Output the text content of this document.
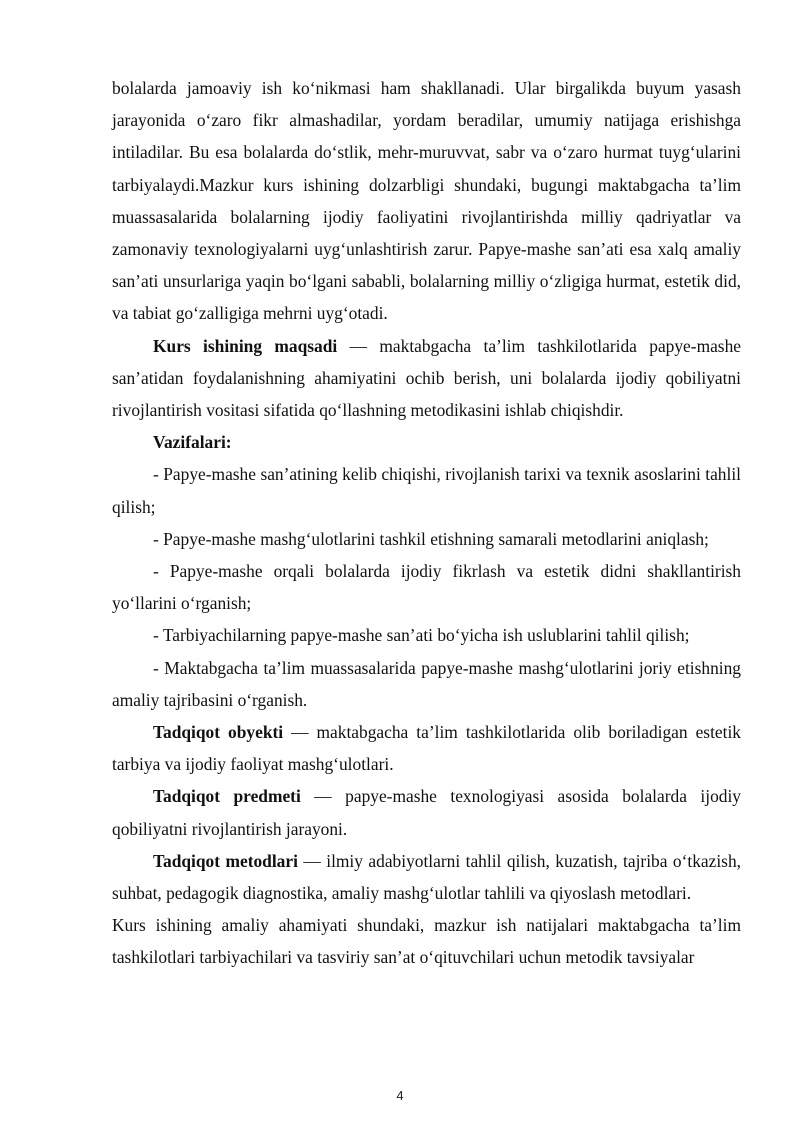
bolalarda jamoaviy ish ko‘nikmasi ham shakllanadi. Ular birgalikda buyum yasash jarayonida o‘zaro fikr almashadilar, yordam beradilar, umumiy natijaga erishishga intiladilar. Bu esa bolalarda do‘stlik, mehr-muruvvat, sabr va o‘zaro hurmat tuyg‘ularini tarbiyalaydi.Mazkur kurs ishining dolzarbligi shundaki, bugungi maktabgacha ta’lim muassasalarida bolalarning ijodiy faoliyatini rivojlantirishda milliy qadriyatlar va zamonaviy texnologiyalarni uyg‘unlashtirish zarur. Papye-mashe san’ati esa xalq amaliy san’ati unsurlariga yaqin bo‘lgani sababli, bolalarning milliy o‘zligiga hurmat, estetik did, va tabiat go‘zalligiga mehrni uyg‘otadi.

Kurs ishining maqsadi — maktabgacha ta’lim tashkilotlarida papye-mashe san’atidan foydalanishning ahamiyatini ochib berish, uni bolalarda ijodiy qobiliyatni rivojlantirish vositasi sifatida qo‘llashning metodikasini ishlab chiqishdir.

Vazifalari:

- Papye-mashe san’atining kelib chiqishi, rivojlanish tarixi va texnik asoslarini tahlil qilish;

- Papye-mashe mashg‘ulotlarini tashkil etishning samarali metodlarini aniqlash;

- Papye-mashe orqali bolalarda ijodiy fikrlash va estetik didni shakllantirish yo‘llarini o‘rganish;

- Tarbiyachilarning papye-mashe san’ati bo‘yicha ish uslublarini tahlil qilish;

- Maktabgacha ta’lim muassasalarida papye-mashe mashg‘ulotlarini joriy etishning amaliy tajribasini o‘rganish.

Tadqiqot obyekti — maktabgacha ta’lim tashkilotlarida olib boriladigan estetik tarbiya va ijodiy faoliyat mashg‘ulotlari.

Tadqiqot predmeti — papye-mashe texnologiyasi asosida bolalarda ijodiy qobiliyatni rivojlantirish jarayoni.

Tadqiqot metodlari — ilmiy adabiyotlarni tahlil qilish, kuzatish, tajriba o‘tkazish, suhbat, pedagogik diagnostika, amaliy mashg‘ulotlar tahlili va qiyoslash metodlari.

Kurs ishining amaliy ahamiyati shundaki, mazkur ish natijalari maktabgacha ta’lim tashkilotlari tarbiyachilari va tasviriy san’at o‘qituvchilari uchun metodik tavsiyalar

4
